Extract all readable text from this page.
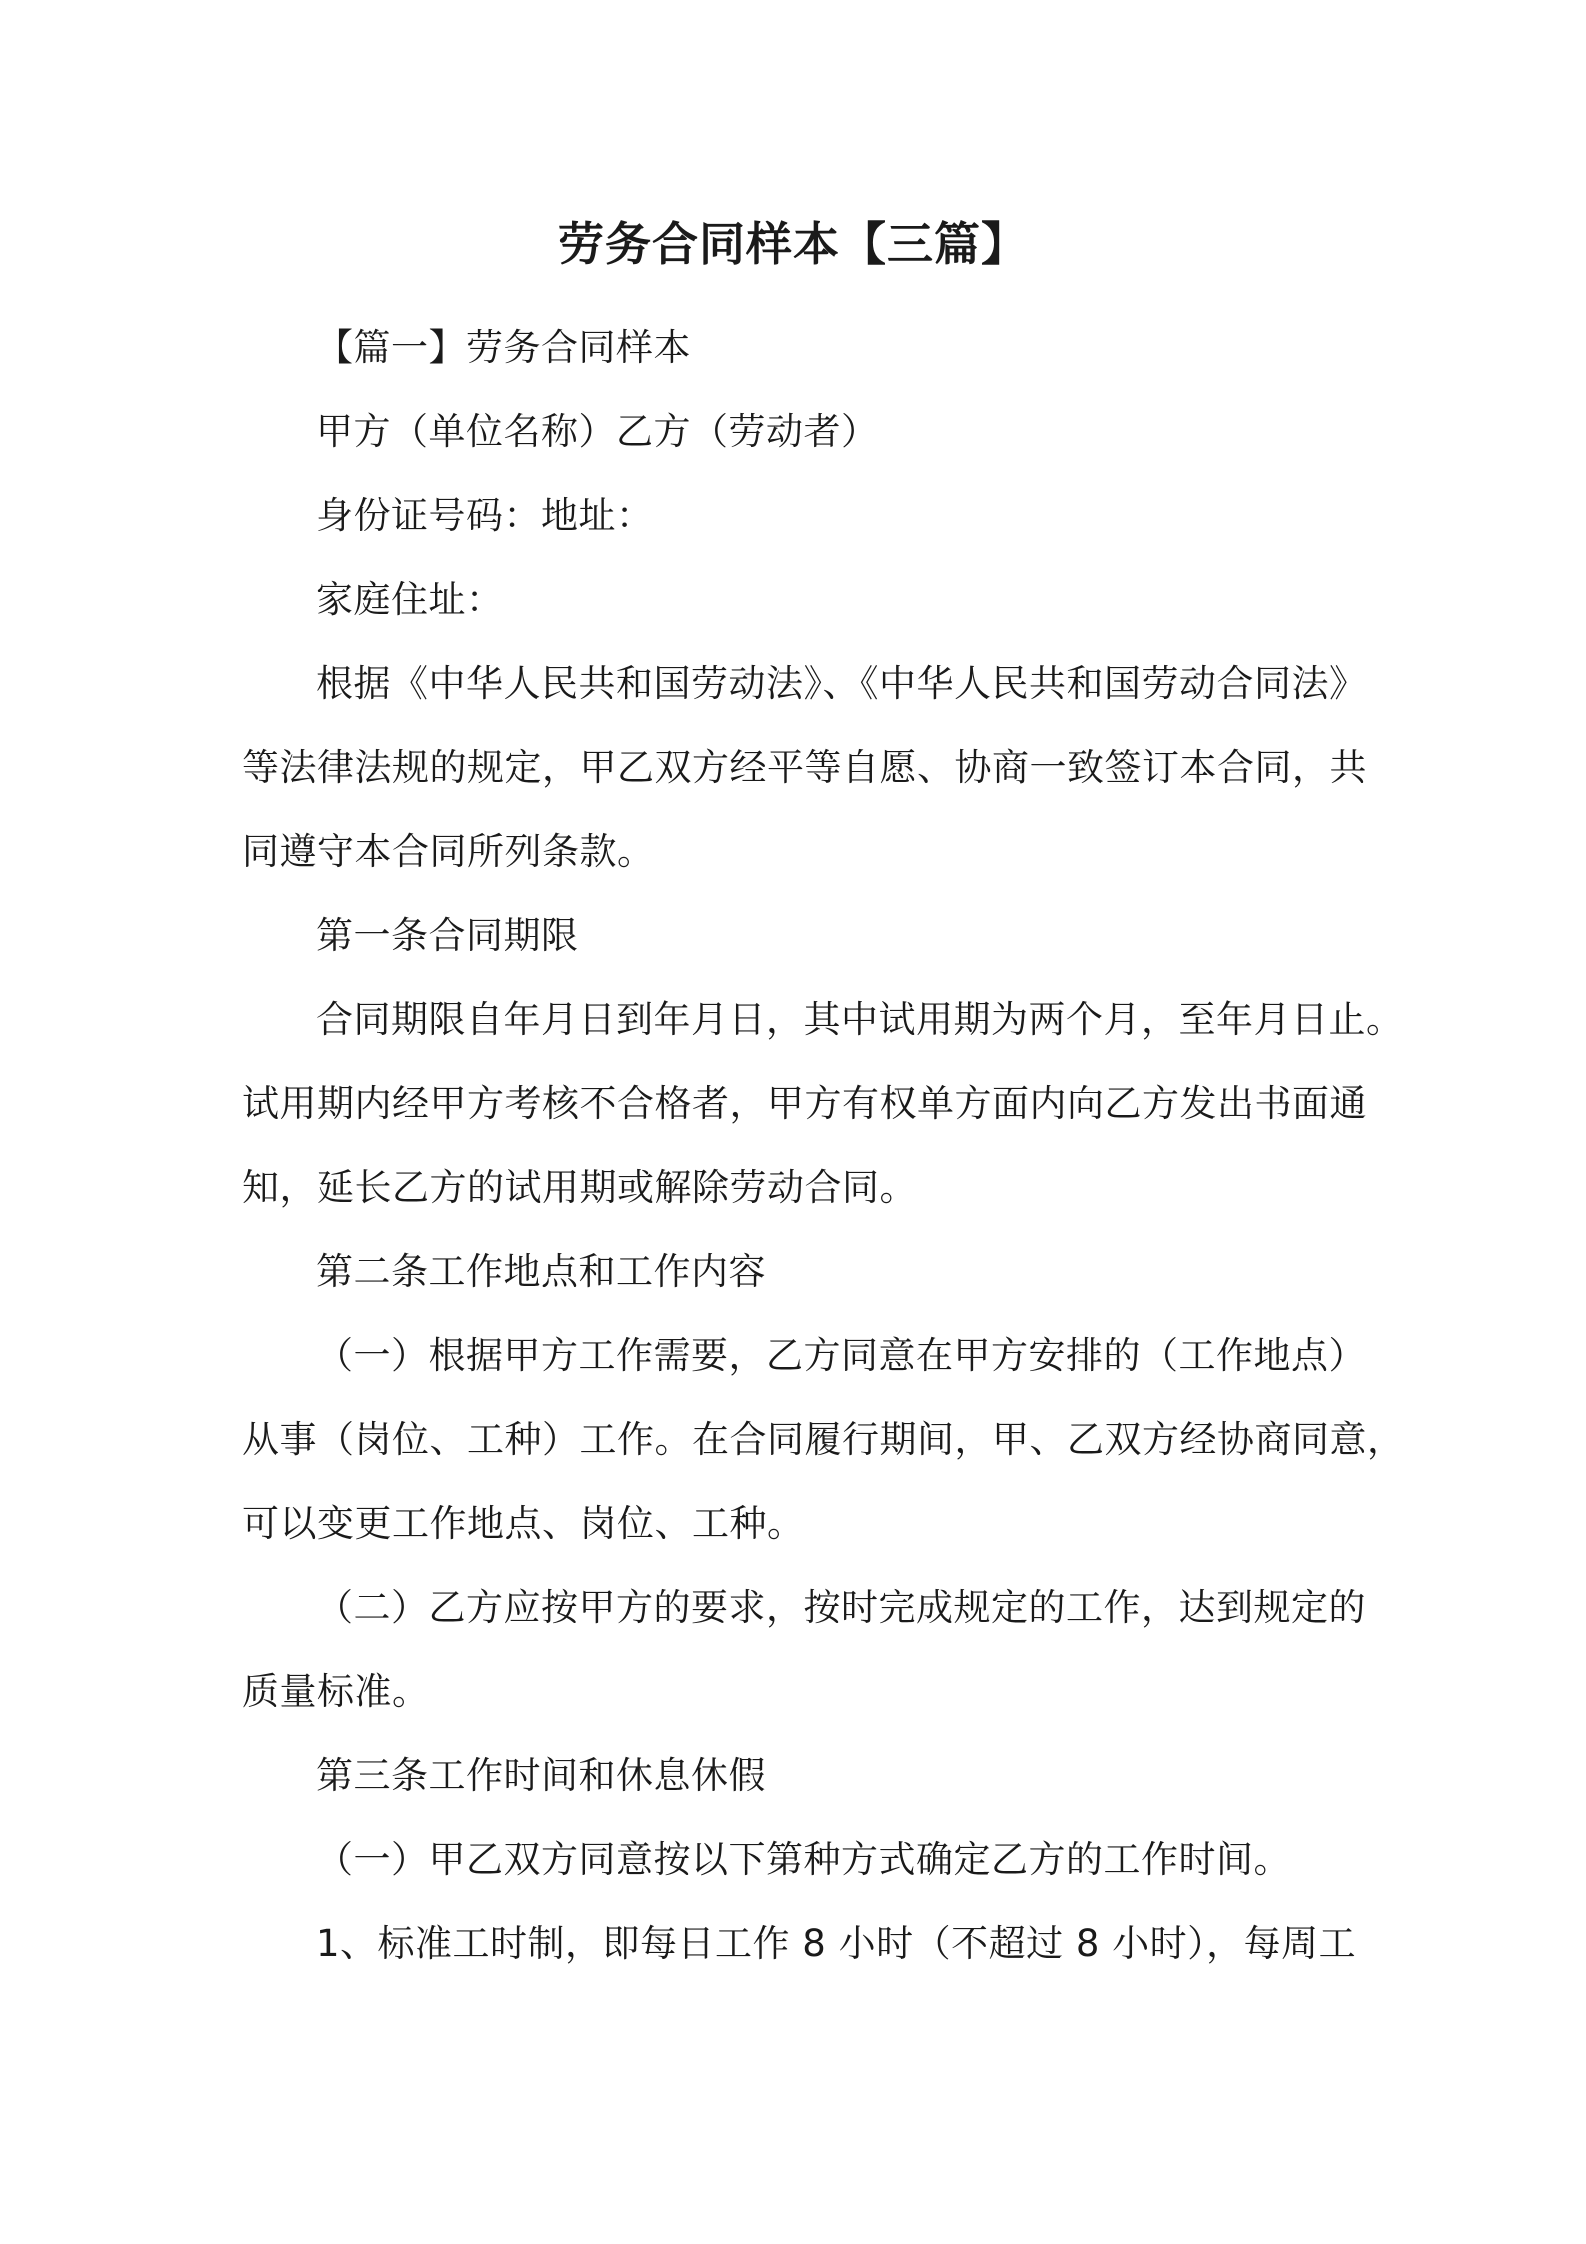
劳务合同样本【三篇】
【篇一】劳务合同样本
甲方（单位名称）乙方（劳动者）
身份证号码：地址：
家庭住址：
根据《中华人民共和国劳动法》、《中华人民共和国劳动合同法》
等法律法规的规定，甲乙双方经平等自愿、协商一致签订本合同，共
同遵守本合同所列条款。
第一条合同期限
合同期限自年月日到年月日，其中试用期为两个月，至年月日止。
试用期内经甲方考核不合格者，甲方有权单方面内向乙方发出书面通
知，延长乙方的试用期或解除劳动合同。
第二条工作地点和工作内容
（一）根据甲方工作需要，乙方同意在甲方安排的（工作地点）
从事（岗位、工种）工作。在合同履行期间，甲、乙双方经协商同意，
可以变更工作地点、岗位、工种。
（二）乙方应按甲方的要求，按时完成规定的工作，达到规定的
质量标准。
第三条工作时间和休息休假
（一）甲乙双方同意按以下第种方式确定乙方的工作时间。
1、标准工时制，即每日工作 8 小时（不超过 8 小时），每周工
